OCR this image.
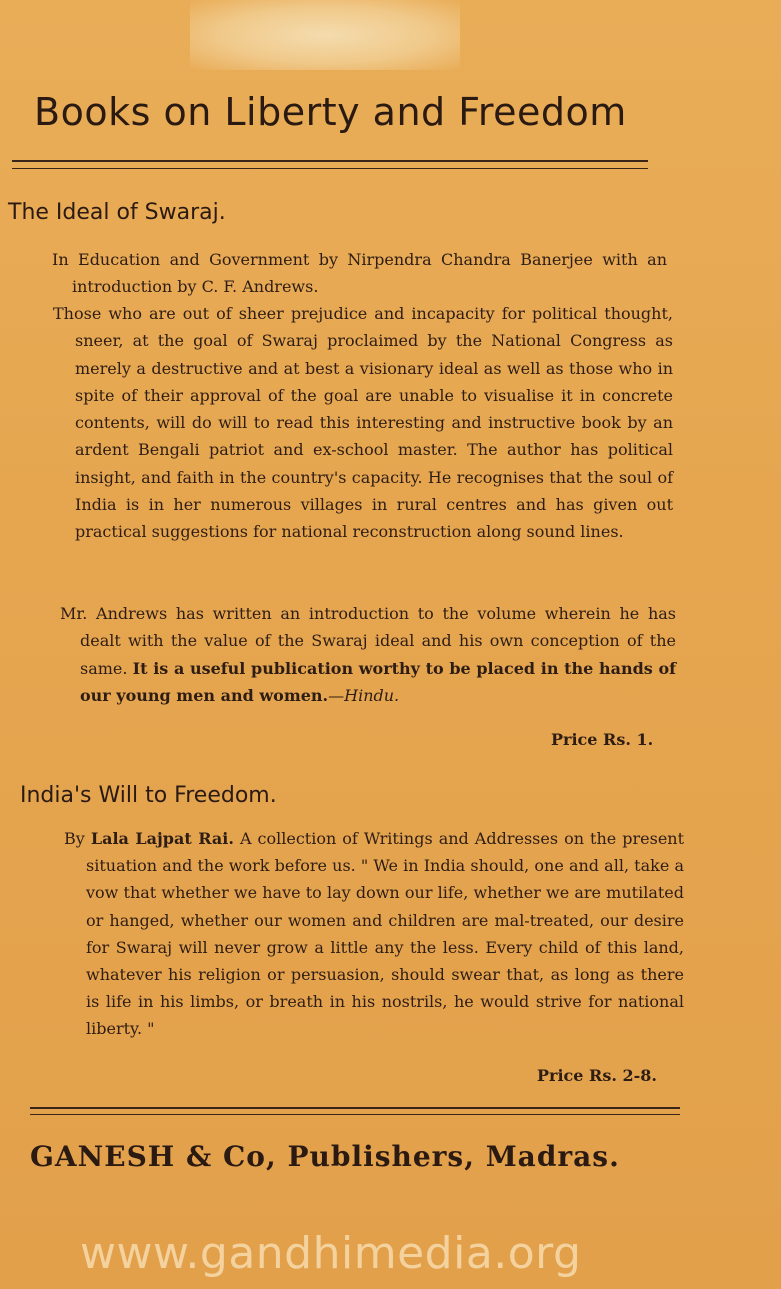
Books on Liberty and Freedom
The Ideal of Swaraj.
In Education and Government by Nirpendra Chandra Banerjee with an introduction by C. F. Andrews.
Those who are out of sheer prejudice and incapacity for political thought, sneer, at the goal of Swaraj proclaimed by the National Congress as merely a destructive and at best a visionary ideal as well as those who in spite of their approval of the goal are unable to visualise it in concrete contents, will do will to read this interesting and instructive book by an ardent Bengali patriot and ex-school master. The author has political insight, and faith in the country's capacity. He recognises that the soul of India is in her numerous villages in rural centres and has given out practical suggestions for national reconstruction along sound lines.
Mr. Andrews has written an introduction to the volume wherein he has dealt with the value of the Swaraj ideal and his own conception of the same. It is a useful publication worthy to be placed in the hands of our young men and women.—Hindu.
Price Rs. 1.
India's Will to Freedom.
By Lala Lajpat Rai. A collection of Writings and Addresses on the present situation and the work before us. " We in India should, one and all, take a vow that whether we have to lay down our life, whether we are mutilated or hanged, whether our women and children are mal-treated, our desire for Swaraj will never grow a little any the less. Every child of this land, whatever his religion or persuasion, should swear that, as long as there is life in his limbs, or breath in his nostrils, he would strive for national liberty. "
Price Rs. 2-8.
GANESH & Co, Publishers, Madras.
www.gandhimedia.org
